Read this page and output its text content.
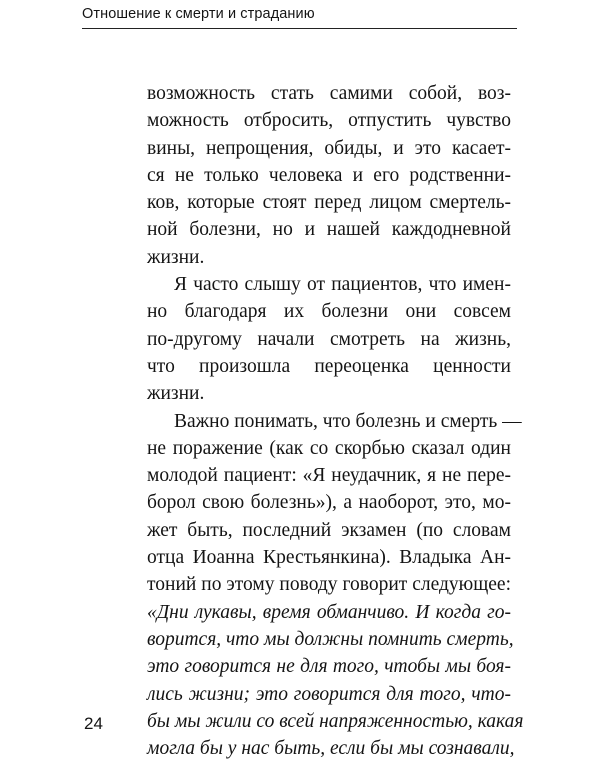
Отношение к смерти и страданию
возможность стать самими собой, воз-
можность отбросить, отпустить чувство
вины, непрощения, обиды, и это касает-
ся не только человека и его родственни-
ков, которые стоят перед лицом смертель-
ной болезни, но и нашей каждодневной
жизни.
Я часто слышу от пациентов, что имен-
но благодаря их болезни они совсем
по-другому начали смотреть на жизнь,
что произошла переоценка ценности
жизни.
Важно понимать, что болезнь и смерть —
не поражение (как со скорбью сказал один
молодой пациент: «Я неудачник, я не пере-
борол свою болезнь»), а наоборот, это, мо-
жет быть, последний экзамен (по словам
отца Иоанна Крестьянкина). Владыка Ан-
тоний по этому поводу говорит следующее:
«Дни лукавы, время обманчиво. И когда го-
ворится, что мы должны помнить смерть,
это говорится не для того, чтобы мы боя-
лись жизни; это говорится для того, что-
бы мы жили со всей напряженностью, какая
могла бы у нас быть, если бы мы сознавали,

24
